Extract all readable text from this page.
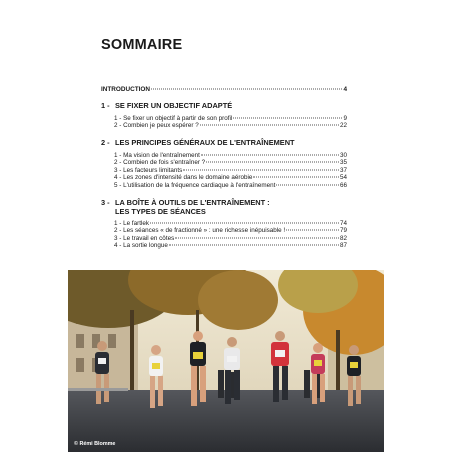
SOMMAIRE
INTRODUCTION	4
1 - SE FIXER UN OBJECTIF ADAPTÉ
1 - Se fixer un objectif à partir de son profil	9
2 - Combien je peux espérer ?	22
2 - LES PRINCIPES GÉNÉRAUX DE L'ENTRAÎNEMENT
1 - Ma vision de l'entraînement	30
2 - Combien de fois s'entraîner ?	35
3 - Les facteurs limitants	37
4 - Les zones d'intensité dans le domaine aérobie	54
5 - L'utilisation de la fréquence cardiaque à l'entraînement	66
3 - LA BOÎTE À OUTILS DE L'ENTRAÎNEMENT :
LES TYPES DE SÉANCES
1 - Le fartlek	74
2 - Les séances « de fractionné » : une richesse inépuisable !	79
3 - Le travail en côtes	82
4 - La sortie longue	87
© Rémi Blomme
